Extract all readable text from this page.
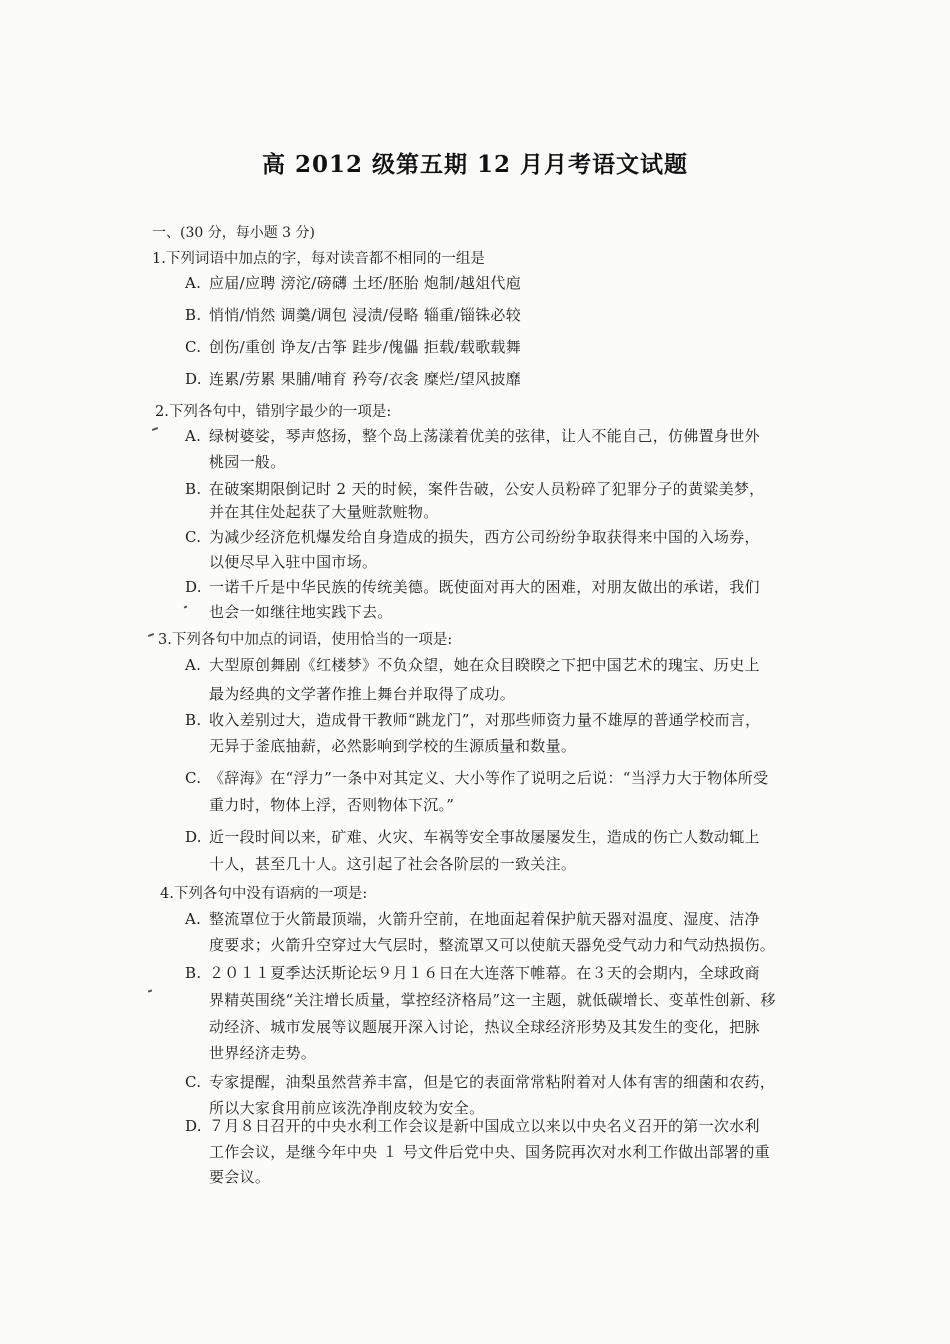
高 2012 级第五期 12 月月考语文试题
一、(30 分，每小题 3 分)
1.下列词语中加点的字，每对读音都不相同的一组是
A. 应届/应聘 滂沱/磅礴 土坯/胚胎 炮制/越俎代庖
B. 悄悄/悄然 调羹/调包 浸渍/侵略 辎重/锱铢必较
C. 创伤/重创 诤友/古筝 跬步/傀儡 拒载/载歌载舞
D. 连累/劳累 果脯/哺育 矜夸/衣衾 糜烂/望风披靡
2.下列各句中，错别字最少的一项是:
A. 绿树婆娑，琴声悠扬，整个岛上荡漾着优美的弦律，让人不能自己，仿佛置身世外
桃园一般。
B. 在破案期限倒记时 2 天的时候，案件告破，公安人员粉碎了犯罪分子的黄粱美梦，
并在其住处起获了大量赃款赃物。
C. 为减少经济危机爆发给自身造成的损失，西方公司纷纷争取获得来中国的入场券，
以便尽早入驻中国市场。
D. 一诺千斤是中华民族的传统美德。既使面对再大的困难，对朋友做出的承诺，我们
也会一如继往地实践下去。
3.下列各句中加点的词语，使用恰当的一项是:
A. 大型原创舞剧《红楼梦》不负众望，她在众目睽睽之下把中国艺术的瑰宝、历史上
最为经典的文学著作推上舞台并取得了成功。
B. 收入差别过大，造成骨干教师“跳龙门”，对那些师资力量不雄厚的普通学校而言，
无异于釜底抽薪，必然影响到学校的生源质量和数量。
C. 《辞海》在“浮力”一条中对其定义、大小等作了说明之后说：“当浮力大于物体所受
重力时，物体上浮，否则物体下沉。”
D. 近一段时间以来，矿难、火灾、车祸等安全事故屡屡发生，造成的伤亡人数动辄上
十人，甚至几十人。这引起了社会各阶层的一致关注。
4.下列各句中没有语病的一项是:
A. 整流罩位于火箭最顶端，火箭升空前，在地面起着保护航天器对温度、湿度、洁净
度要求；火箭升空穿过大气层时，整流罩又可以使航天器免受气动力和气动热损伤。
B. ２０１１夏季达沃斯论坛９月１６日在大连落下帷幕。在３天的会期内，全球政商
界精英围绕“关注增长质量，掌控经济格局”这一主题，就低碳增长、变革性创新、移
动经济、城市发展等议题展开深入讨论，热议全球经济形势及其发生的变化，把脉
世界经济走势。
C. 专家提醒，油梨虽然营养丰富，但是它的表面常常粘附着对人体有害的细菌和农药，
所以大家食用前应该洗净削皮较为安全。
D. ７月８日召开的中央水利工作会议是新中国成立以来以中央名义召开的第一次水利
工作会议，是继今年中央 １ 号文件后党中央、国务院再次对水利工作做出部署的重
要会议。
